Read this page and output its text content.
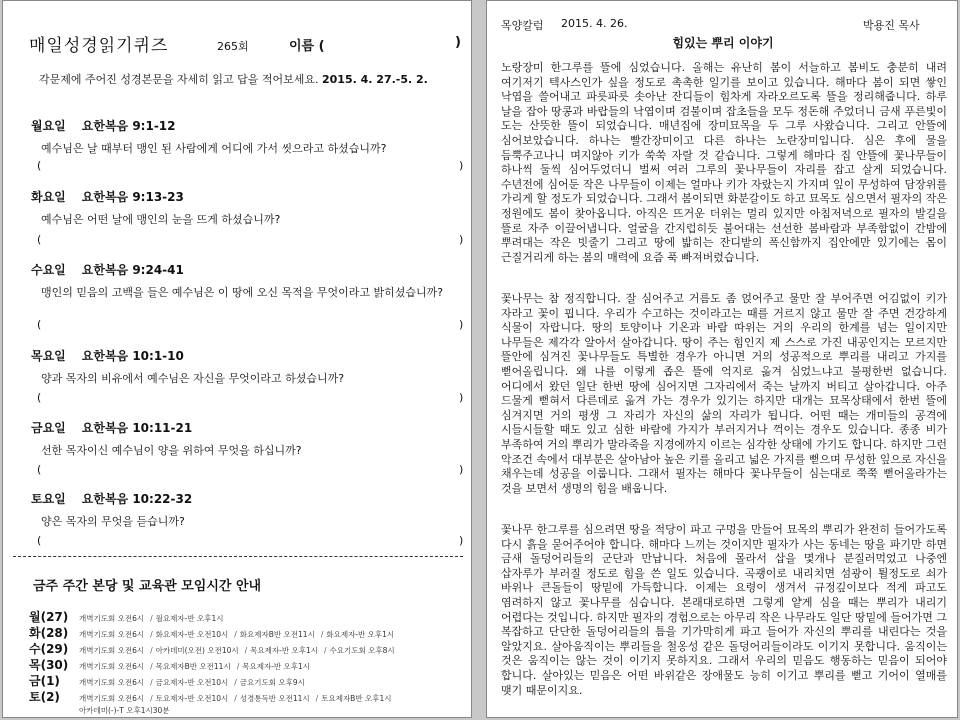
매일성경읽기퀴즈	265회	이름 (	)
각문제에 주어진 성경본문을 자세히 읽고 답을 적어보세요. 2015. 4. 27.-5. 2.
월요일 요한복음 9:1-12
예수님은 날 때부터 맹인 된 사람에게 어디에 가서 씻으라고 하셨습니까?
(	)
화요일 요한복음 9:13-23
예수님은 어떤 날에 맹인의 눈을 뜨게 하셨습니까?
(	)
수요일 요한복음 9:24-41
맹인의 믿음의 고백을 들은 예수님은 이 땅에 오신 목적을 무엇이라고 밝히셨습니까?
(	)
목요일 요한복음 10:1-10
양과 목자의 비유에서 예수님은 자신을 무엇이라고 하셨습니까?
(	)
금요일 요한복음 10:11-21
선한 목자이신 예수님이 양을 위하여 무엇을 하십니까?
(	)
토요일 요한복음 10:22-32
양은 목자의 무엇을 듣습니까?
(	)
금주 주간 본당 및 교육관 모임시간 안내
월(27) 개벽기도회 오전6시 / 월요제자-반 오후1시
화(28) 개벽기도회 오전6시 / 화요제자-반 오전10시 / 화요제자B반 오전11시 / 화요제자-반 오후1시
수(29) 개벽기도회 오전6시 / 아카데미(오전) 오전10시 / 목요제자-반 오후1시 / 수요기도회 오후8시
목(30) 개벽기도회 오전6시 / 목요제자B반 오전11시 / 목요제자-반 오후1시
금(1)	개벽기도회 오전6시 / 금요제자-반 오전10시 / 금요기도회 오후9시
토(2)	개벽기도회 오전6시 / 토요제자-반 오전10시 / 성경통독반 오전11시 / 토요제자B반 오후1시
아카데미(-)-T 오후1시30분
목양칼럼 2015. 4. 26.	박용진 목사
힘있는 뿌리 이야기
노랑장미 한그루를 뜰에 심었습니다. 올해는 유난히 봄이 서늘하고 봄비도 충분히 내려 여기저기 텍사스인가 싶을 정도로 촉촉한 일기를 보이고 있습니다. 해마다 봄이 되면 쌓인 낙엽을 쓸어내고 파릇파릇 솟아난 잔디들이 힘차게 자라오르도록 뜰을 정리해줍니다. 하루 날을 잡아 땅콩과 바랍들의 낙엽이며 검불이며 잡초들을 모두 정돈해 주었더니 금새 푸른빛이 도는 산뜻한 뜰이 되었습니다. 매년집에 장미묘목을 두 그루 사왔습니다. 그리고 안뜰에 심어보았습니다. 하나는 빨간장미이고 다른 하나는 노란장미입니다. 심은 후에 물을 듬뿍주고나니 며지않아 키가 쑥쑥 자랄 것 같습니다. 그렇게 해마다 집 안뜰에 꽃나무들이 하나씩 둘씩 심어두었더니 벌써 여러 그루의 꽃나무들이 자리를 잡고 살게 되었습니다. 수년전에 심어둔 작은 나무들이 이제는 얼마나 키가 자랐는지 가지며 잎이 무성하여 담장위를 가리게 할 정도가 되었습니다. 그래서 봄이되면 화분갈이도 하고 묘목도 심으면서 필자의 작은 정원에도 봄이 찾아옵니다. 아직은 뜨거운 더위는 멀리 있지만 아침저녁으로 필자의 발길을 뜰로 자주 이끌어냅니다. 얼굴을 간지럽히듯 불어대는 선선한 봄바람과 부족함없이 간밤에 뿌려대는 작은 빗줄기 그리고 땅에 밟히는 잔디밭의 폭신함까지 집안에만 있기에는 몸이 근질거리게 하는 봄의 매력에 요즘 푹 빠져버렸습니다.
꽃나무는 참 정직합니다. 잘 심어주고 거름도 좀 얹어주고 물만 잘 부어주면 어김없이 키가 자라고 꽃이 핍니다. 우리가 수고하는 것이라고는 때를 거르지 않고 물만 잘 주면 건강하게 식물이 자랍니다. 땅의 토양이나 기온과 바람 따위는 거의 우리의 한계를 넘는 일이지만 나무들은 제각각 알아서 살아갑니다. 땅이 주는 힘인지 제 스스로 가진 내공인지는 모르지만 뜰안에 심겨진 꽃나무들도 특별한 경우가 아니면 거의 성공적으로 뿌리를 내리고 가지를 뻗어올립니다. 왜 나를 이렇게 좁은 뜰에 억지로 옮겨 심었느냐고 불평한번 없습니다. 어디에서 왔던 일단 한번 땅에 심어지면 그자리에서 죽는 날까지 버티고 살아갑니다. 아주 드물게 뻗혀서 다른데로 옮겨 가는 경우가 있기는 하지만 대개는 묘목상태에서 한번 뜰에 심겨지면 거의 평생 그 자리가 자신의 삶의 자리가 됩니다. 어떤 때는 개미들의 공격에 시들시들할 때도 있고 심한 바람에 가지가 부러지거나 꺽이는 경우도 있습니다. 종종 비가 부족하여 거의 뿌리가 말라죽을 지경에까지 이르는 심각한 상태에 가기도 합니다. 하지만 그런 악조건 속에서 대부분은 살아남아 높은 키를 올리고 넓은 가지를 뻗으며 무성한 잎으로 자신을 채우는데 성공을 이룹니다. 그래서 필자는 해마다 꽃나무들이 심는대로 쭉쭉 뻗어올라가는 것을 보면서 생명의 힘을 배웁니다.
꽃나무 한그루를 심으려면 땅을 적당이 파고 구멍을 만들어 묘목의 뿌리가 완전히 들어가도록 다시 흙을 묻어주어야 합니다. 해마다 느끼는 것이지만 필자가 사는 동네는 땅을 파기만 하면 금새 돌덩어리들의 군단과 만납니다. 처음에 몰라서 삽을 몇개나 분질러먹었고 나중엔 삽자루가 부러질 정도로 힘을 쓴 일도 있습니다. 곡괭이로 내리치면 섬광이 튈정도로 쇠가 바위나 큰돌들이 땅밑에 가득합니다. 이제는 요령이 생겨서 규정깊이보다 적게 파고도 염려하지 않고 꽃나무를 심습니다. 본래대로하면 그렇게 얕게 심을 때는 뿌리가 내리기 어렵다는 것입니다. 하지만 필자의 경험으로는 아무리 작은 나무라도 일단 땅밑에 들어가면 그 복잡하고 단단한 돌덩어리들의 틈을 기가막히게 파고 들어가 자신의 뿌리를 내린다는 것을 알았지요. 살아움직이는 뿌리들을 철옹성 같은 돌덩어리들이라도 이기지 못합니다. 움직이는 것은 움직이는 않는 것이 이기지 못하지요. 그래서 우리의 믿음도 행동하는 믿음이 되어야 합니다. 살아있는 믿음은 어떤 바위같은 장애물도 능히 이기고 뿌리를 뻗고 기어이 열매를 맺기 때문이지요.
